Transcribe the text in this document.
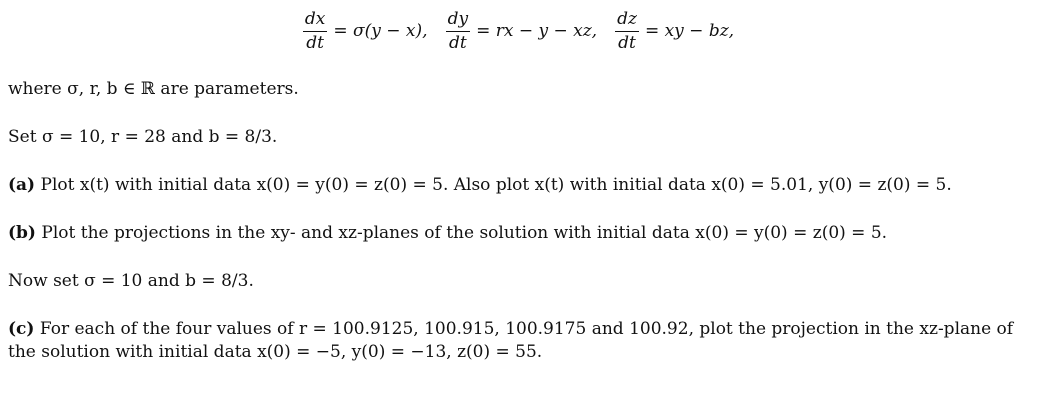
$\frac{dx}{dt} = \sigma(y - x)$, $\frac{dy}{dt}$ = rx − y − xz, $\frac{dz}{dt}$ = xy − bz,
where σ, r, b ∈ ℝ are parameters.
Set σ = 10, r = 28 and b = 8/3.
(a) Plot x(t) with initial data x(0) = y(0) = z(0) = 5. Also plot x(t) with initial data x(0) = 5.01, y(0) = z(0) = 5.
(b) Plot the projections in the xy- and xz-planes of the solution with initial data x(0) = y(0) = z(0) = 5.
Now set σ = 10 and b = 8/3.
(c) For each of the four values of r = 100.9125, 100.915, 100.9175 and 100.92, plot the projection in the xz-plane of the solution with initial data x(0) = −5, y(0) = −13, z(0) = 55.
